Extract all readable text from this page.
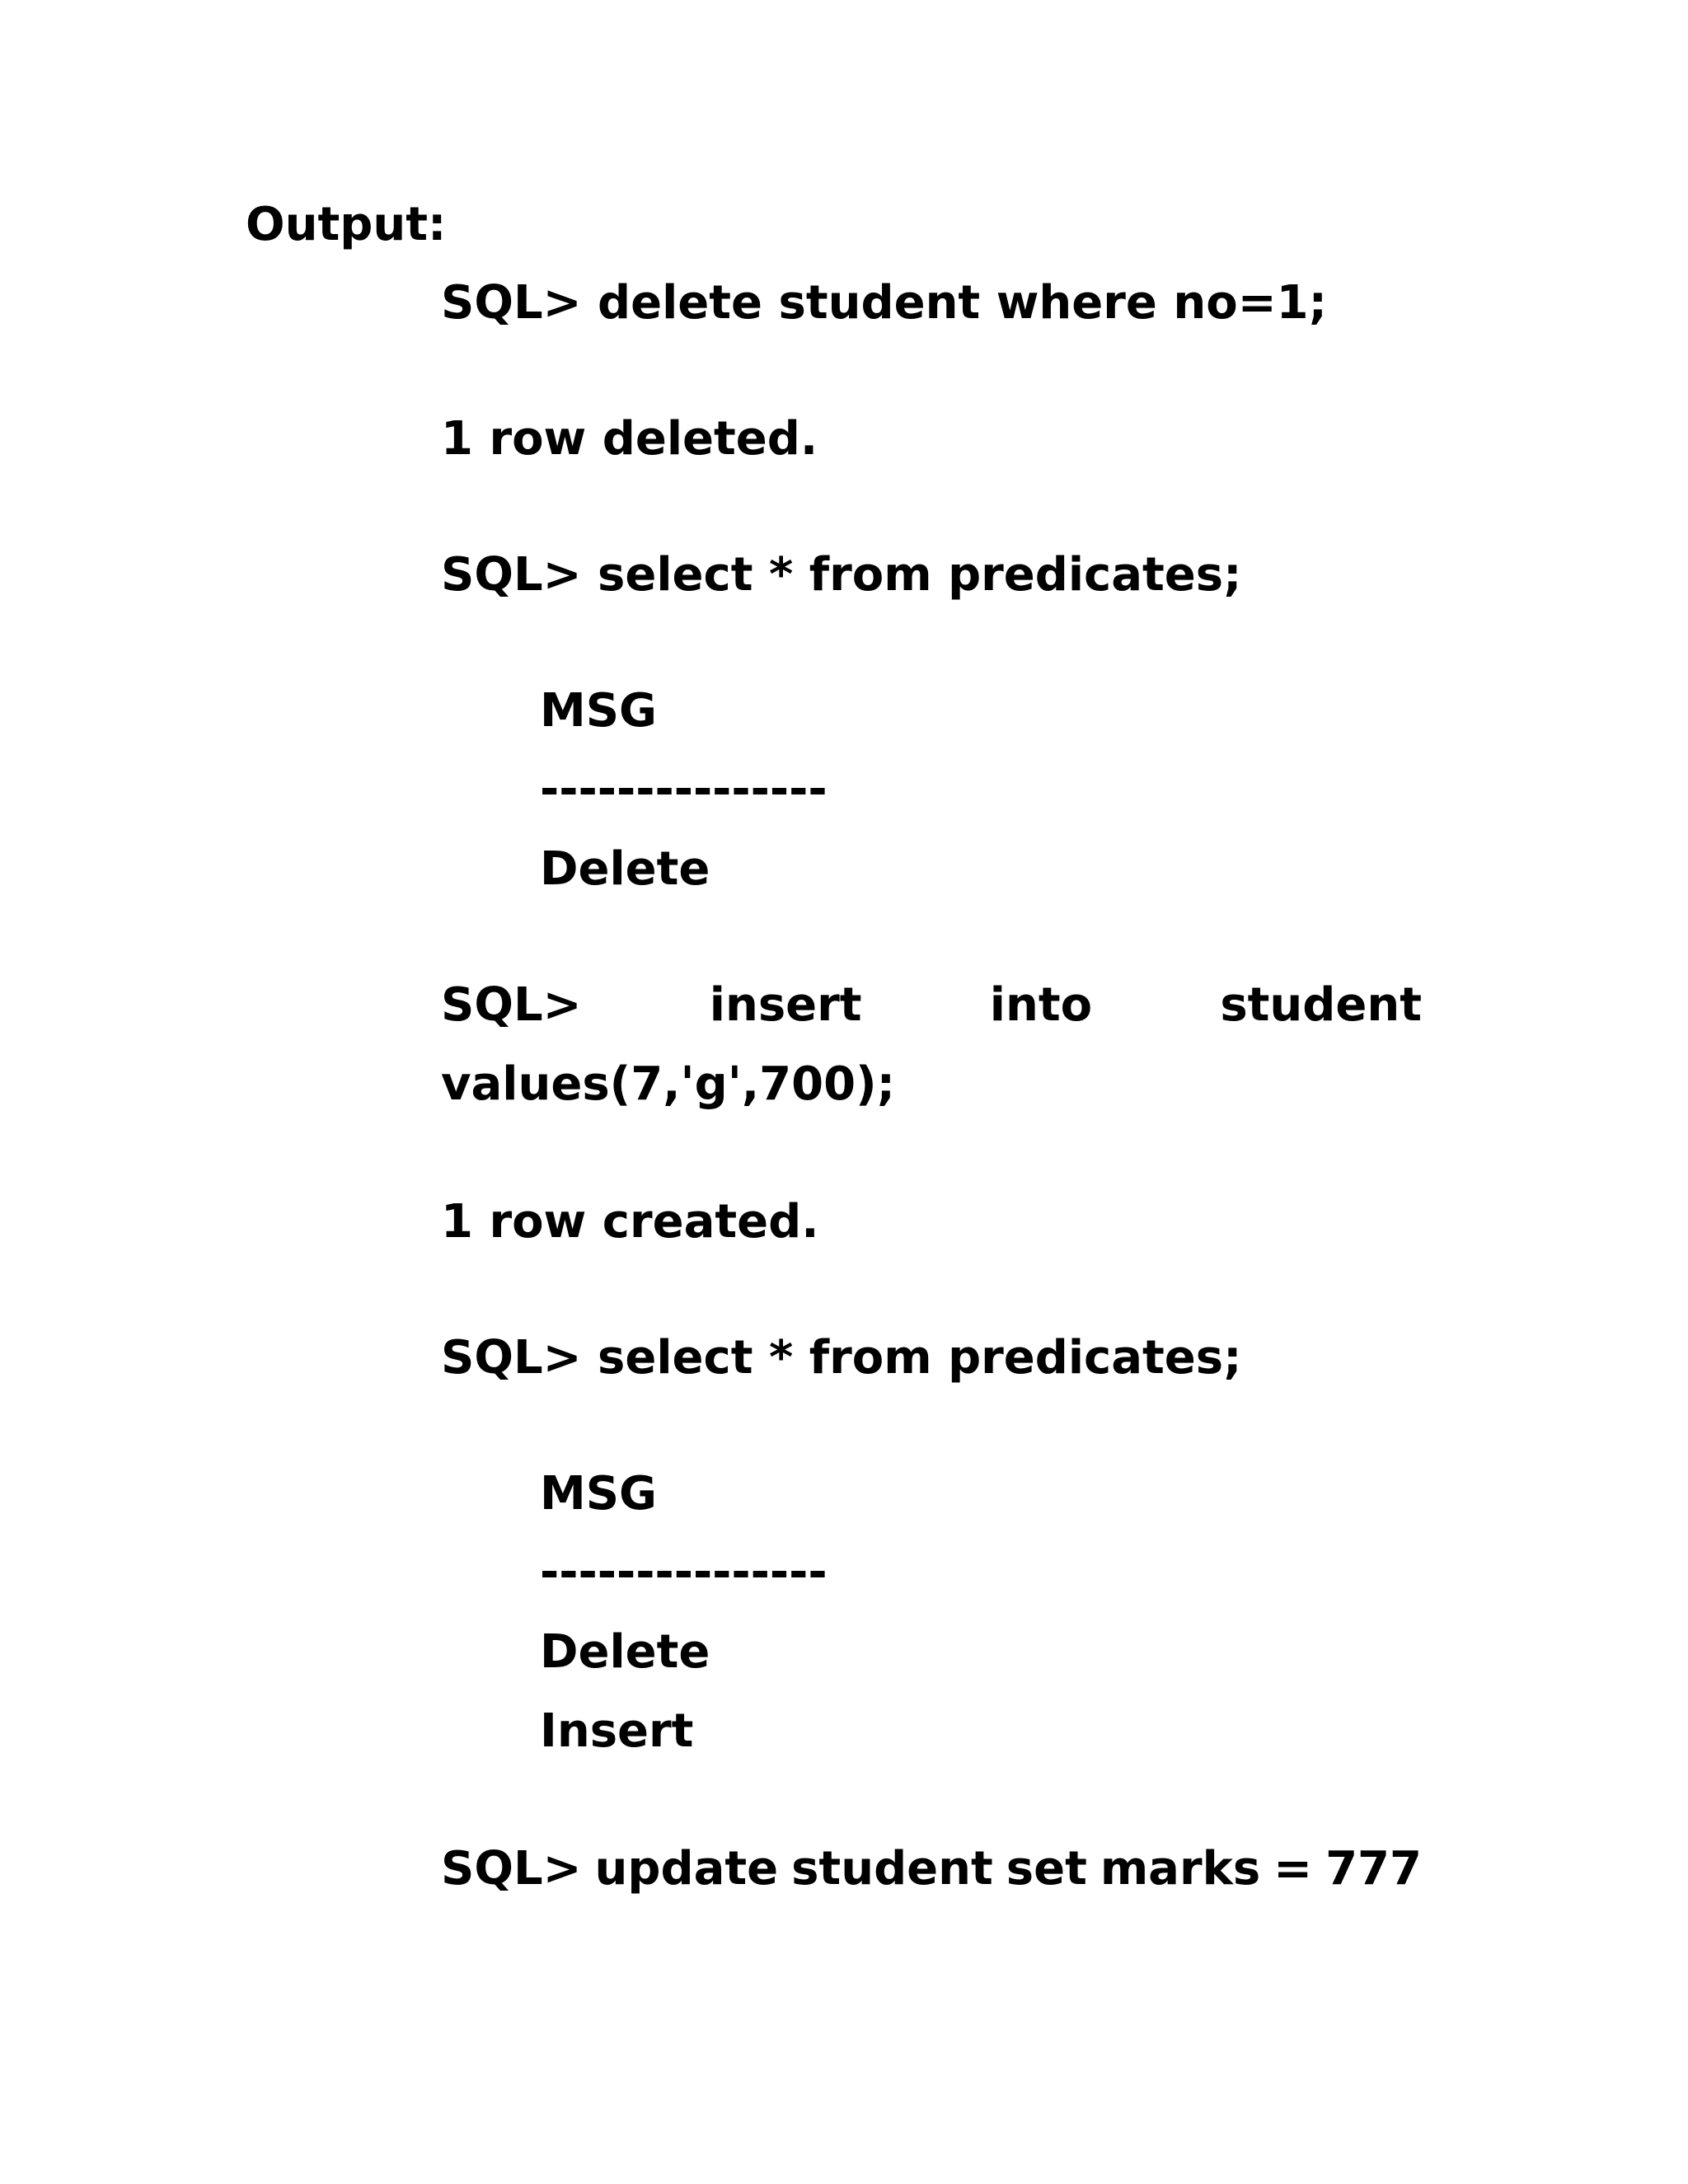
Output:
SQL> delete student where no=1;
1 row deleted.
SQL> select * from predicates;
MSG
---------------
Delete
SQL>	insert	into	student
values(7,'g',700);
1 row created.
SQL> select * from predicates;
MSG
---------------
Delete
Insert
SQL> update student set marks = 777
